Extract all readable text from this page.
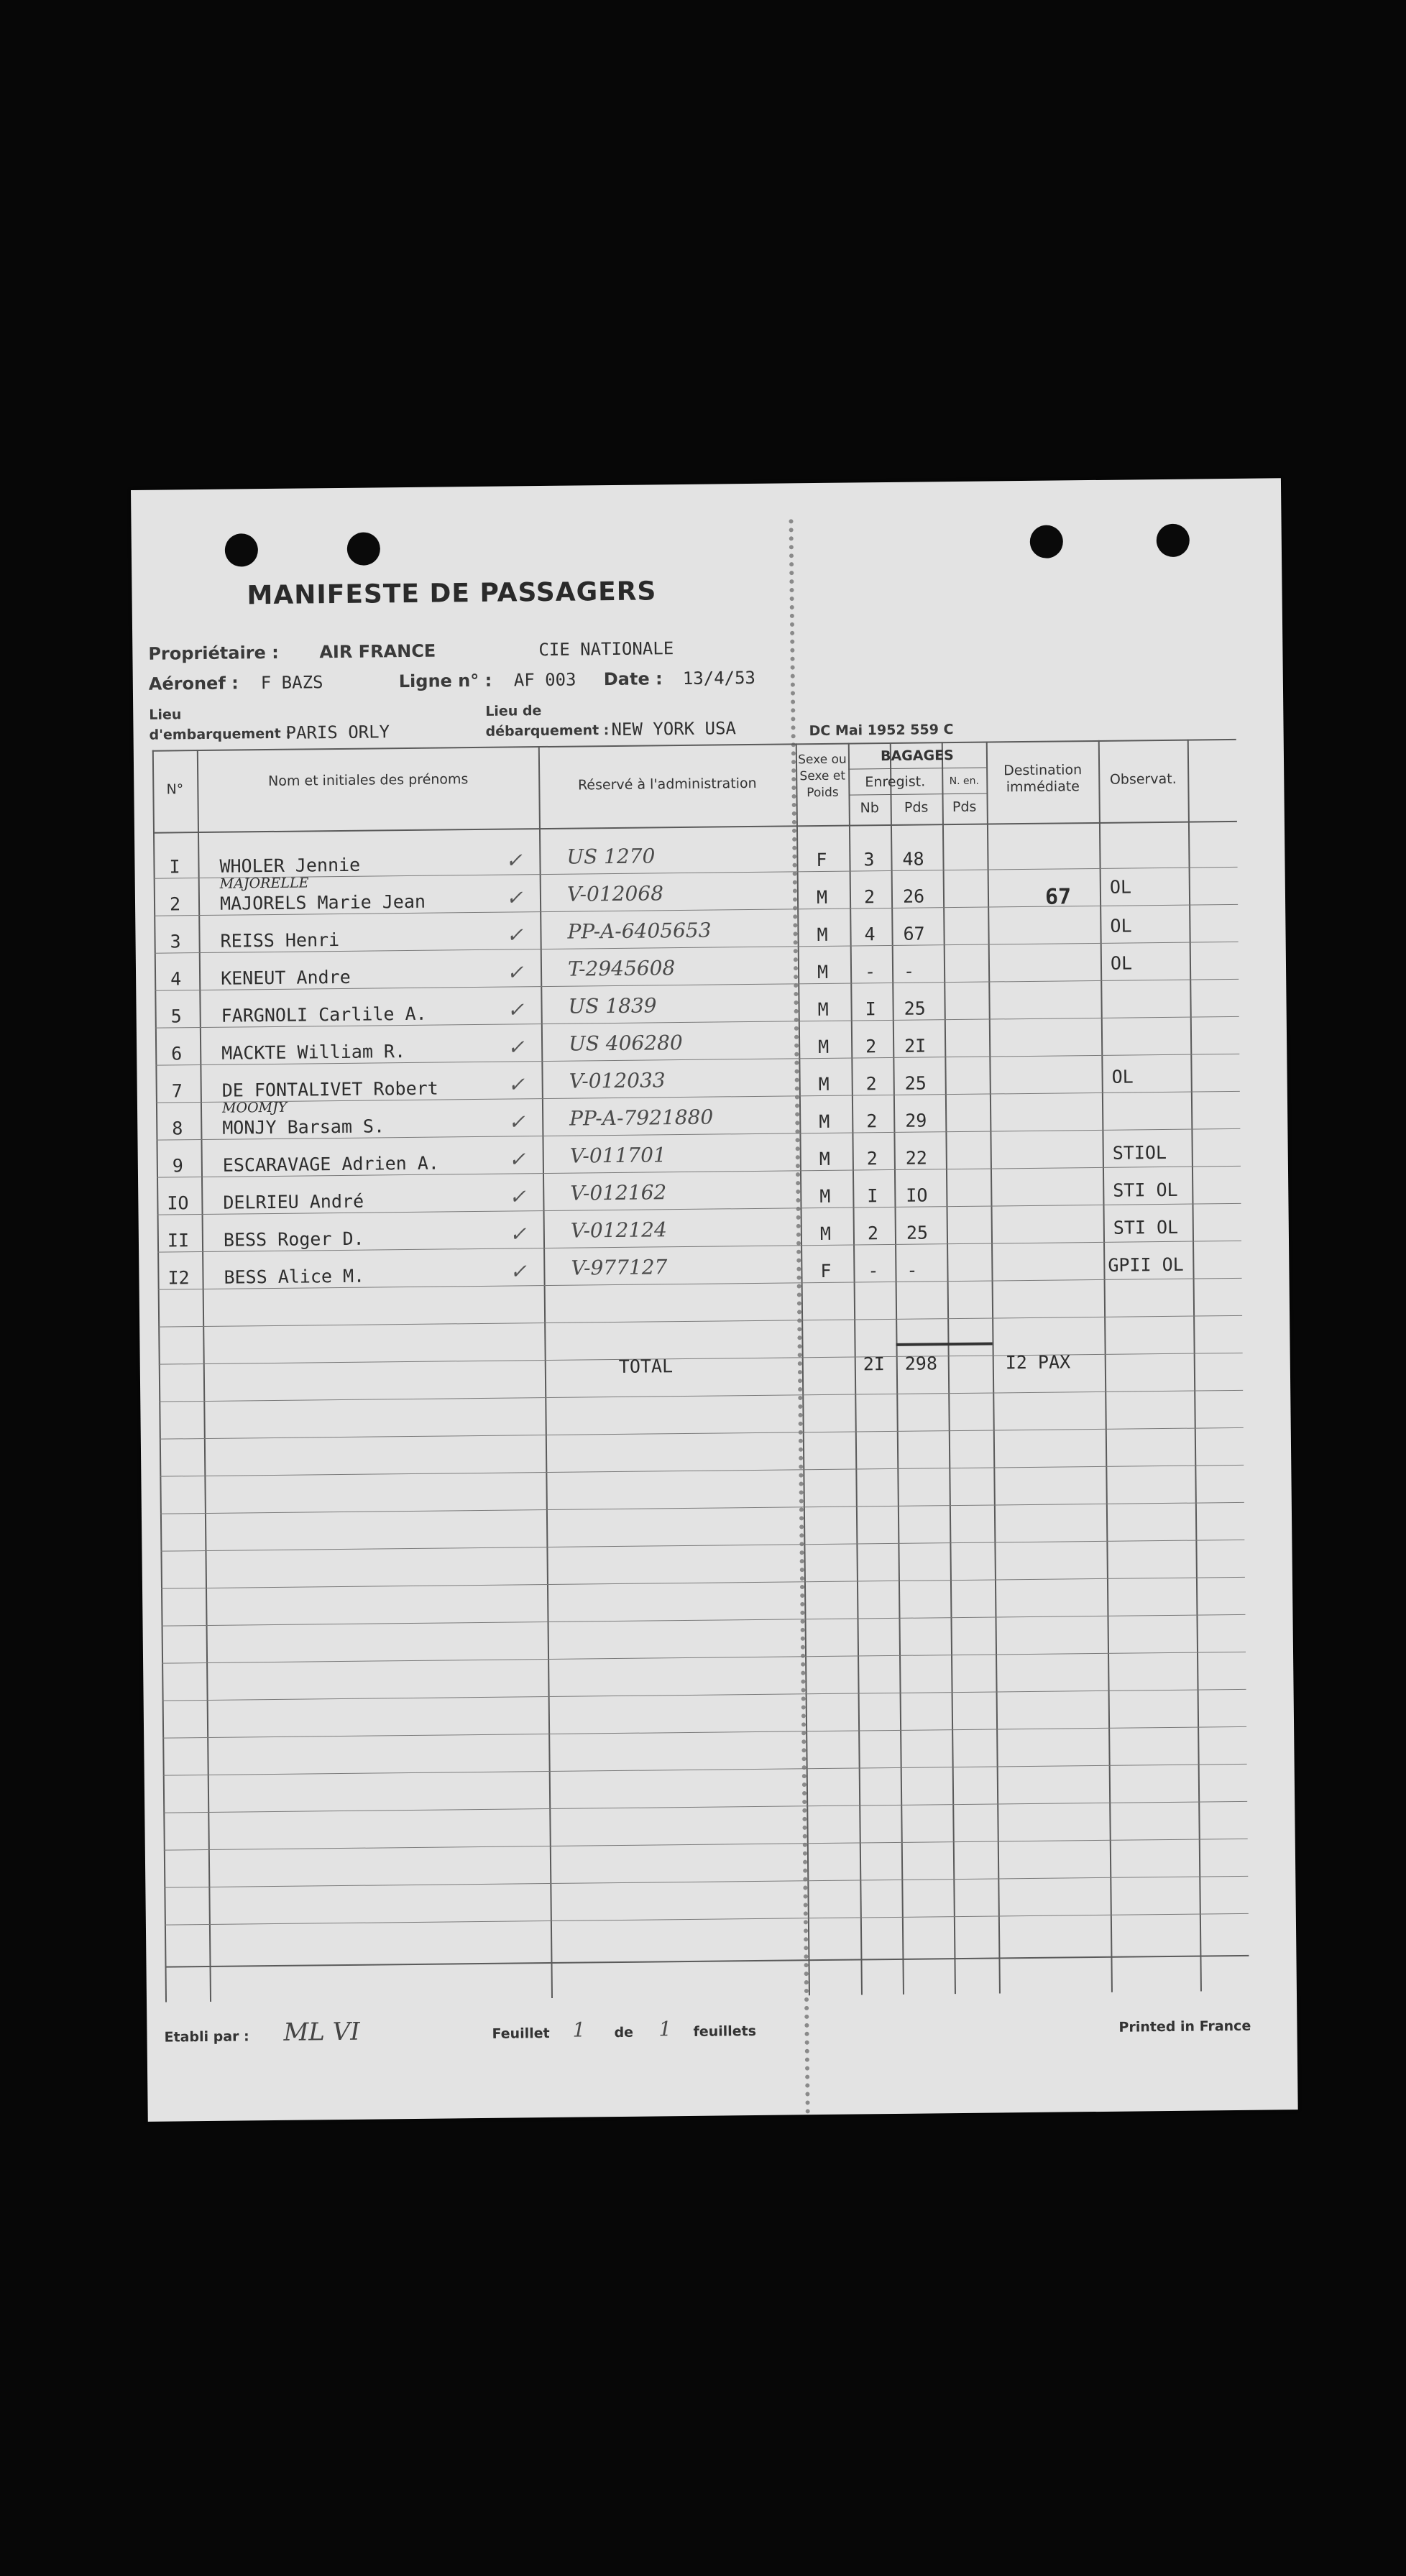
MANIFESTE DE PASSAGERS
Propriétaire : AIR FRANCE	CIE NATIONALE
Aéronef : F BAZS	Ligne n° : AF 003 Date : 13/4/53
Lieu
d'embarquement :
PARIS ORLY
Lieu de
débarquement : NEW YORK USA	DC Mai 1952 559 C
N°
Nom et initiales des prénoms	Réservé à l'administration
Sexe ou Sexe et Poids
BAGAGES
Enregist.	N. en.
Nb	Pds	Pds
Destination immédiate	Observat.
I WHOLER Jennie	✓ US 1270	F 3 48
MAJORELLE
2 MAJORELS Marie Jean	✓ V-012068	M 2 26	OL
67
3 REISS Henri	✓ PP-A-6405653	M 4 67	OL
4 KENEUT Andre	✓ T-2945608	M - -	OL
5 FARGNOLI Carlile A.	✓ US 1839	M I 25
6 MACKTE William R.	✓ US 406280	M 2 2I
7 DE FONTALIVET Robert	✓ V-012033	M 2 25	OL
MOOMJY
8 MONJY Barsam S.	✓ PP-A-7921880	M 2 29
9 ESCARAVAGE Adrien A.	✓ V-011701	M 2 22	STIOL
IO DELRIEU André	✓ V-012162	M I IO	STI OL
II BESS Roger D.	✓ V-012124	M 2 25	STI OL
I2 BESS Alice M.	✓ V-977127	F - -	GPII OL
TOTAL	2I 298	I2 PAX
Etabli par : ML VI	Feuillet 1 de 1 feuillets	Printed in France
